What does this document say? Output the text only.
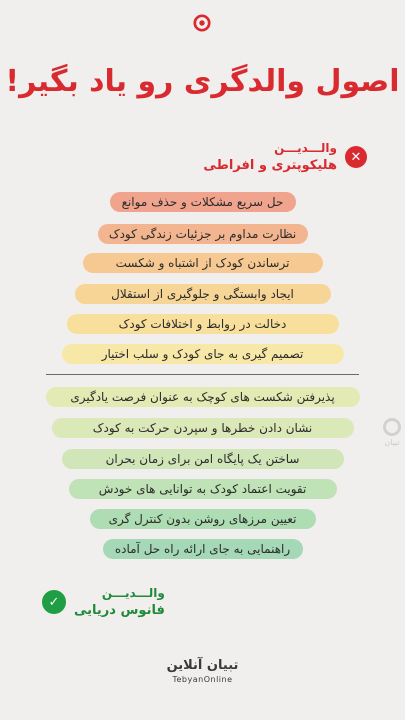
اصول والدگری رو یاد بگیر!
✕
والـــدیـــن
هلیکوپتری و افراطی
حل سریع مشکلات و حذف موانع
نظارت مداوم بر جزئیات زندگی کودک
ترساندن کودک از اشتباه و شکست
ایجاد وابستگی و جلوگیری از استقلال
دخالت در روابط و اختلافات کودک
تصمیم گیری به جای کودک و سلب اختیار
پذیرفتن شکست های کوچک به عنوان فرصت یادگیری
نشان دادن خطرها و سپردن حرکت به کودک
ساختن یک پایگاه امن برای زمان بحران
تقویت اعتماد کودک به توانایی های خودش
تعیین مرزهای روشن بدون کنترل گری
راهنمایی به جای ارائه راه حل آماده
تبیان
✓
والـــدیـــن
فانوس دریایی
تبیان آنلاین
TebyanOnline
